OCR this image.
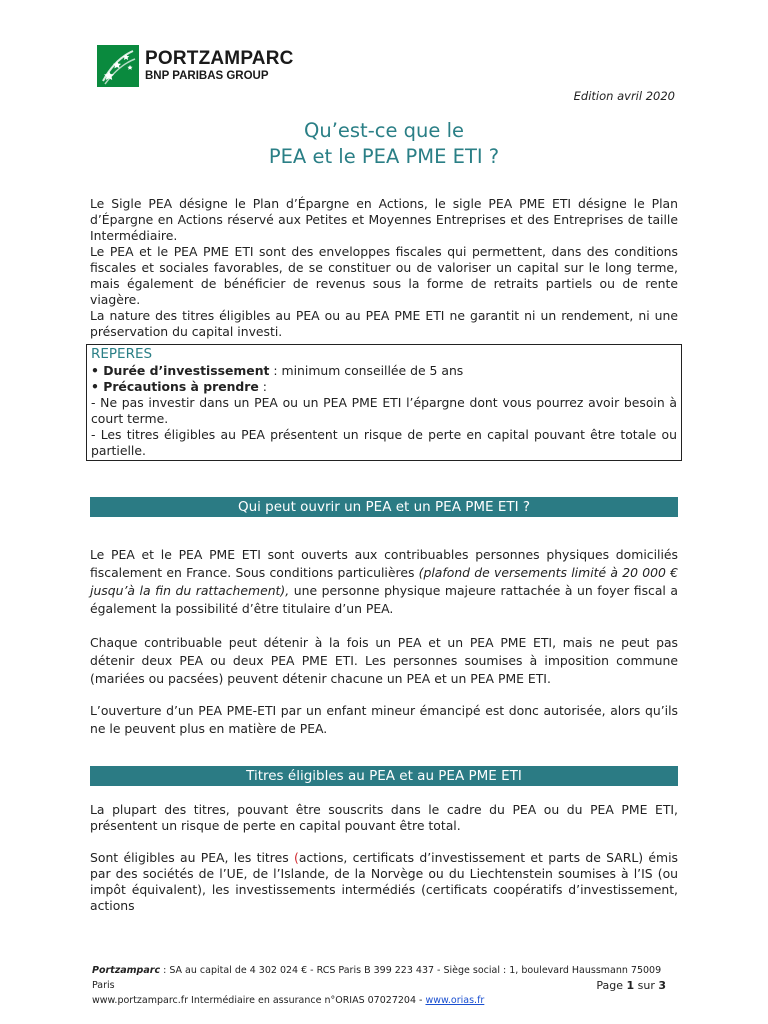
PORTZAMPARC
BNP PARIBAS GROUP
Edition avril 2020
Qu’est-ce que le
PEA et le PEA PME ETI ?

Le Sigle PEA désigne le Plan d’Épargne en Actions, le sigle PEA PME ETI désigne le Plan d’Épargne en Actions réservé aux Petites et Moyennes Entreprises et des Entreprises de taille Intermédiaire.

Le PEA et le PEA PME ETI sont des enveloppes fiscales qui permettent, dans des conditions fiscales et sociales favorables, de se constituer ou de valoriser un capital sur le long terme, mais également de bénéficier de revenus sous la forme de retraits partiels ou de rente viagère.

La nature des titres éligibles au PEA ou au PEA PME ETI ne garantit ni un rendement, ni une préservation du capital investi.

REPERES

• Durée d’investissement : minimum conseillée de 5 ans

• Précautions à prendre :

- Ne pas investir dans un PEA ou un PEA PME ETI l’épargne dont vous pourrez avoir besoin à court terme.

- Les titres éligibles au PEA présentent un risque de perte en capital pouvant être totale ou partielle.

Qui peut ouvrir un PEA et un PEA PME ETI ?

Le PEA et le PEA PME ETI sont ouverts aux contribuables personnes physiques domiciliés fiscalement en France. Sous conditions particulières (plafond de versements limité à 20 000 € jusqu’à la fin du rattachement), une personne physique majeure rattachée à un foyer fiscal a également la possibilité d’être titulaire d’un PEA.

Chaque contribuable peut détenir à la fois un PEA et un PEA PME ETI, mais ne peut pas détenir deux PEA ou deux PEA PME ETI. Les personnes soumises à imposition commune (mariées ou pacsées) peuvent détenir chacune un PEA et un PEA PME ETI.

L’ouverture d’un PEA PME-ETI par un enfant mineur émancipé est donc autorisée, alors qu’ils ne le peuvent plus en matière de PEA.

Titres éligibles au PEA et au PEA PME ETI

La plupart des titres, pouvant être souscrits dans le cadre du PEA ou du PEA PME ETI, présentent un risque de perte en capital pouvant être total.

Sont éligibles au PEA, les titres (actions, certificats d’investissement et parts de SARL) émis par des sociétés de l’UE, de l’Islande, de la Norvège ou du Liechtenstein soumises à l’IS (ou impôt équivalent), les investissements intermédiés (certificats coopératifs d’investissement, actions

Portzamparc : SA au capital de 4 302 024 € - RCS Paris B 399 223 437 - Siège social : 1, boulevard Haussmann 75009 Paris
www.portzamparc.fr Intermédiaire en assurance n°ORIAS 07027204 - www.orias.fr
Page 1 sur 3
